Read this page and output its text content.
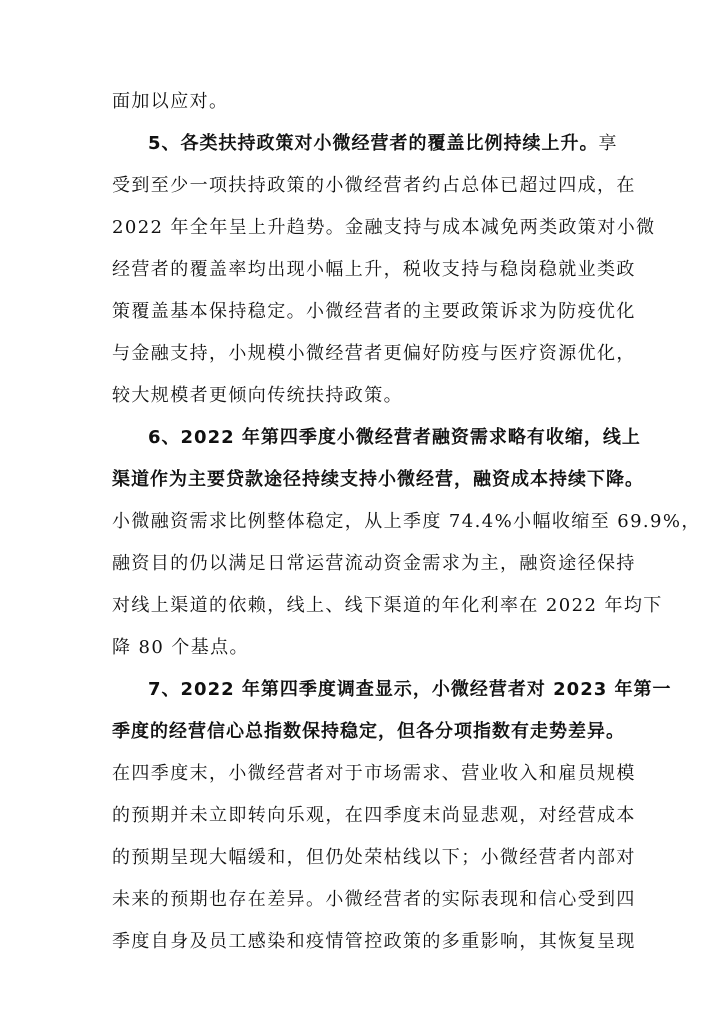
面加以应对。
5、各类扶持政策对小微经营者的覆盖比例持续上升。享
受到至少一项扶持政策的小微经营者约占总体已超过四成，在
2022 年全年呈上升趋势。金融支持与成本减免两类政策对小微
经营者的覆盖率均出现小幅上升，税收支持与稳岗稳就业类政
策覆盖基本保持稳定。小微经营者的主要政策诉求为防疫优化
与金融支持，小规模小微经营者更偏好防疫与医疗资源优化，
较大规模者更倾向传统扶持政策。
6、2022 年第四季度小微经营者融资需求略有收缩，线上
渠道作为主要贷款途径持续支持小微经营，融资成本持续下降。
小微融资需求比例整体稳定，从上季度 74.4%小幅收缩至 69.9%，
融资目的仍以满足日常运营流动资金需求为主，融资途径保持
对线上渠道的依赖，线上、线下渠道的年化利率在 2022 年均下
降 80 个基点。
7、2022 年第四季度调查显示，小微经营者对 2023 年第一
季度的经营信心总指数保持稳定，但各分项指数有走势差异。
在四季度末，小微经营者对于市场需求、营业收入和雇员规模
的预期并未立即转向乐观，在四季度末尚显悲观，对经营成本
的预期呈现大幅缓和，但仍处荣枯线以下；小微经营者内部对
未来的预期也存在差异。小微经营者的实际表现和信心受到四
季度自身及员工感染和疫情管控政策的多重影响，其恢复呈现
